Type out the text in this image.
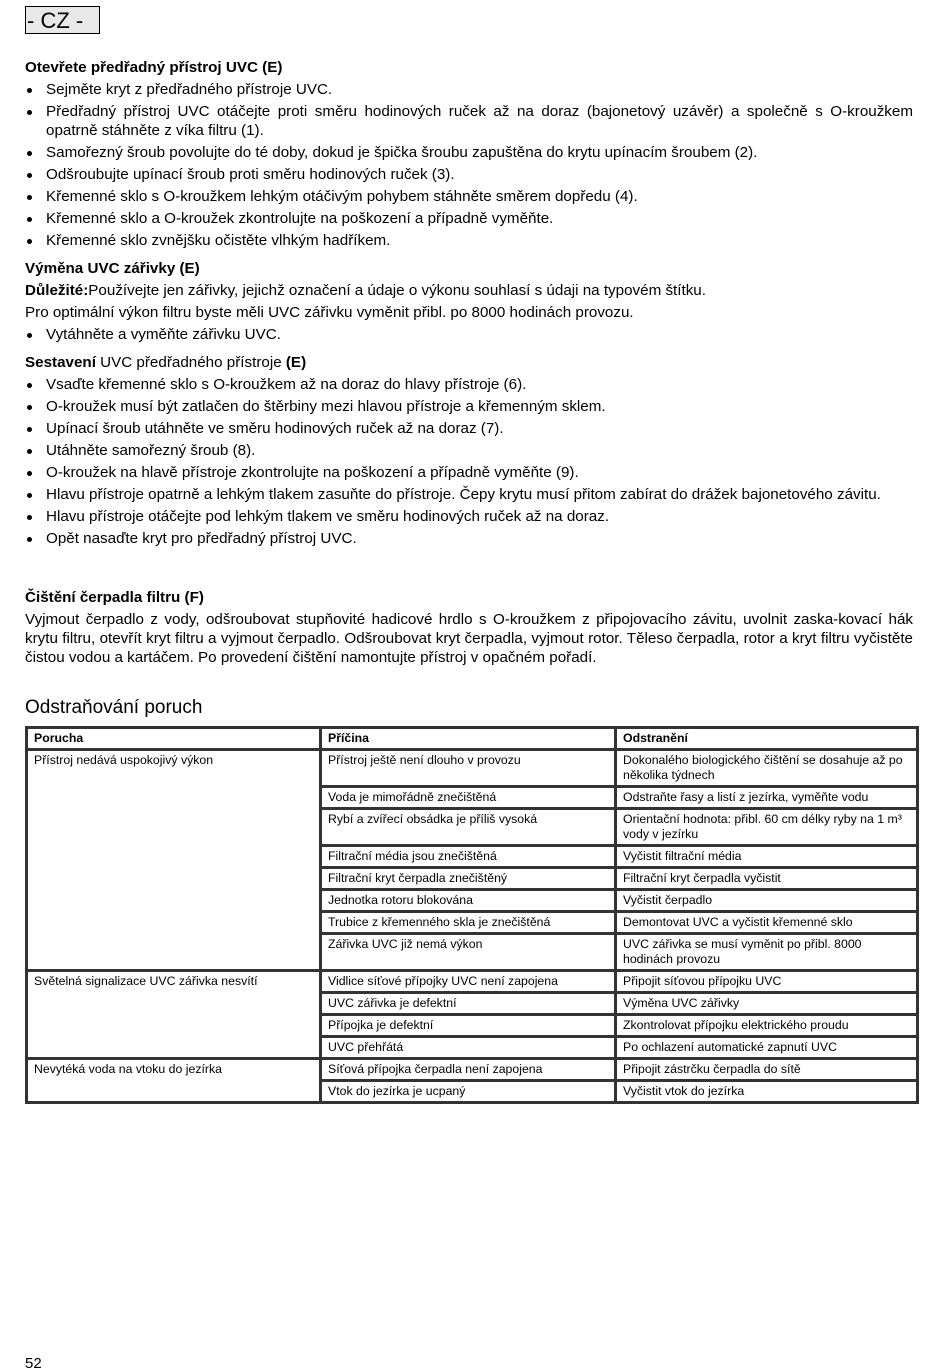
- CZ -
Otevřete předřadný přístroj UVC (E)
Sejměte kryt z předřadného přístroje UVC.
Předřadný přístroj UVC otáčejte proti směru hodinových ruček až na doraz (bajonetový uzávěr) a společně s O-kroužkem opatrně stáhněte z víka filtru (1).
Samořezný šroub povolujte do té doby, dokud je špička šroubu zapuštěna do krytu upínacím šroubem (2).
Odšroubujte upínací šroub proti směru hodinových ruček (3).
Křemenné sklo s O-kroužkem lehkým otáčivým pohybem stáhněte směrem dopředu (4).
Křemenné sklo a O-kroužek zkontrolujte na poškození a případně vyměňte.
Křemenné sklo zvnějšku očistěte vlhkým hadříkem.
Výměna UVC zářivky (E)

Důležité:Používejte jen zářivky, jejichž označení a údaje o výkonu souhlasí s údaji na typovém štítku.

Pro optimální výkon filtru byste měli UVC zářivku vyměnit přibl. po 8000 hodinách provozu.

Vytáhněte a vyměňte zářivku UVC.
Sestavení UVC předřadného přístroje (E)
Vsaďte křemenné sklo s O-kroužkem až na doraz do hlavy přístroje (6).
O-kroužek musí být zatlačen do štěrbiny mezi hlavou přístroje a křemenným sklem.
Upínací šroub utáhněte ve směru hodinových ruček až na doraz (7).
Utáhněte samořezný šroub (8).
O-kroužek na hlavě přístroje zkontrolujte na poškození a případně vyměňte (9).
Hlavu přístroje opatrně a lehkým tlakem zasuňte do přístroje. Čepy krytu musí přitom zabírat do drážek bajonetového závitu.
Hlavu přístroje otáčejte pod lehkým tlakem ve směru hodinových ruček až na doraz.
Opět nasaďte kryt pro předřadný přístroj UVC.
Čištění čerpadla filtru (F)

Vyjmout čerpadlo z vody, odšroubovat stupňovité hadicové hrdlo s O-kroužkem z připojovacího závitu, uvolnit zaska-kovací hák krytu filtru, otevřít kryt filtru a vyjmout čerpadlo. Odšroubovat kryt čerpadla, vyjmout rotor. Těleso čerpadla, rotor a kryt filtru vyčistěte čistou vodou a kartáčem. Po provedení čištění namontujte přístroj v opačném pořadí.

Odstraňování poruch
Porucha	Příčina	Odstranění
Přístroj nedává uspokojivý výkon	Přístroj ještě není dlouho v provozu	Dokonalého biologického čištění se dosahuje až po několika týdnech
	Voda je mimořádně znečištěná	Odstraňte řasy a listí z jezírka, vyměňte vodu
	Rybí a zvířecí obsádka je příliš vysoká	Orientační hodnota: přibl. 60 cm délky ryby na 1 m³ vody v jezírku
	Filtrační média jsou znečištěná	Vyčistit filtrační média
	Filtrační kryt čerpadla znečištěný	Filtrační kryt čerpadla vyčistit
	Jednotka rotoru blokována	Vyčistit čerpadlo
	Trubice z křemenného skla je znečištěná	Demontovat UVC a vyčistit křemenné sklo
	Zářivka UVC již nemá výkon	UVC zářivka se musí vyměnit po přibl. 8000 hodinách provozu
Světelná signalizace UVC zářivka nesvítí	Vidlice síťové přípojky UVC není zapojena	Připojit síťovou přípojku UVC
	UVC zářivka je defektní	Výměna UVC zářivky
	Přípojka je defektní	Zkontrolovat přípojku elektrického proudu
	UVC přehřátá	Po ochlazení automatické zapnutí UVC
Nevytéká voda na vtoku do jezírka	Síťová přípojka čerpadla není zapojena	Připojit zástrčku čerpadla do sítě
	Vtok do jezírka je ucpaný	Vyčistit vtok do jezírka
52
